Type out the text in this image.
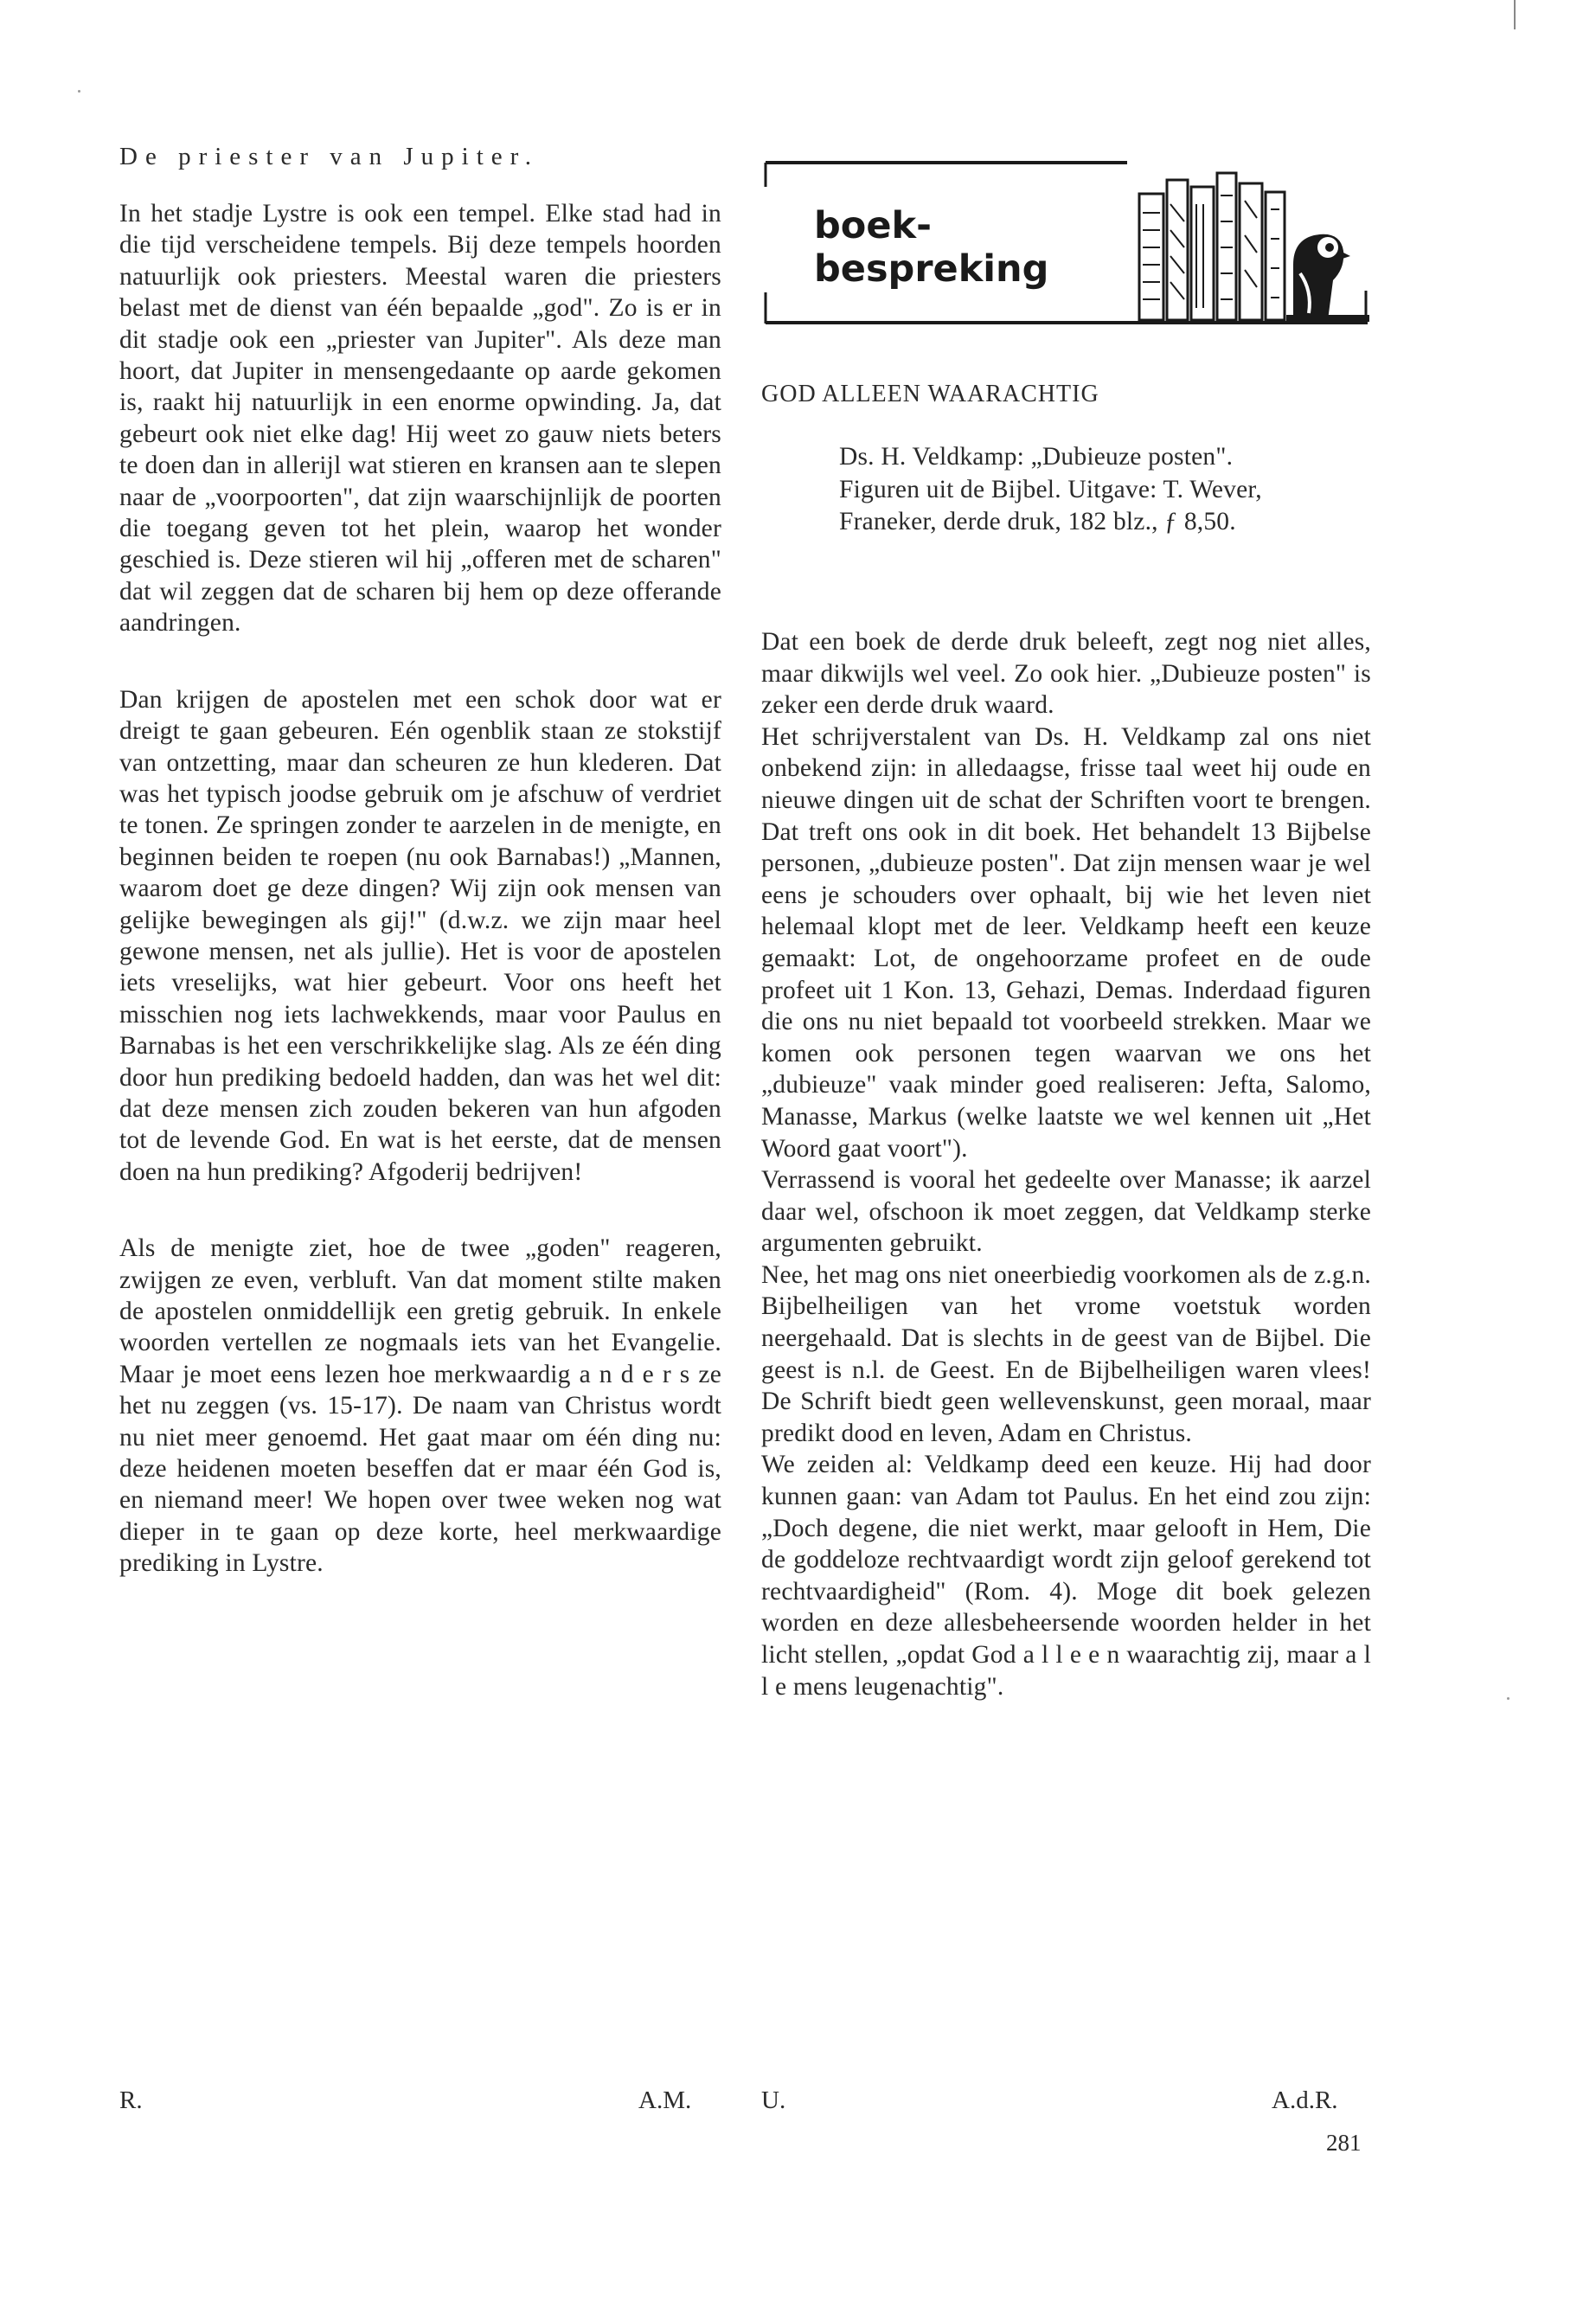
De priester van Jupiter.

In het stadje Lystre is ook een tempel. Elke stad had in die tijd verscheidene tempels. Bij deze tempels hoorden natuurlijk ook priesters. Meestal waren die priesters belast met de dienst van één bepaalde „god". Zo is er in dit stadje ook een „priester van Jupiter". Als deze man hoort, dat Jupiter in mensengedaante op aarde gekomen is, raakt hij natuurlijk in een enorme opwinding. Ja, dat gebeurt ook niet elke dag! Hij weet zo gauw niets beters te doen dan in allerijl wat stieren en kransen aan te slepen naar de „voorpoorten", dat zijn waarschijnlijk de poorten die toegang geven tot het plein, waarop het wonder geschied is. Deze stieren wil hij „offeren met de scharen" dat wil zeggen dat de scharen bij hem op deze offerande aandringen.

Dan krijgen de apostelen met een schok door wat er dreigt te gaan gebeuren. Eén ogenblik staan ze stokstijf van ontzetting, maar dan scheuren ze hun klederen. Dat was het typisch joodse gebruik om je afschuw of verdriet te tonen. Ze springen zonder te aarzelen in de menigte, en beginnen beiden te roepen (nu ook Barnabas!) „Mannen, waarom doet ge deze dingen? Wij zijn ook mensen van gelijke bewegingen als gij!" (d.w.z. we zijn maar heel gewone mensen, net als jullie). Het is voor de apostelen iets vreselijks, wat hier gebeurt. Voor ons heeft het misschien nog iets lachwekkends, maar voor Paulus en Barnabas is het een verschrikkelijke slag. Als ze één ding door hun prediking bedoeld hadden, dan was het wel dit: dat deze mensen zich zouden bekeren van hun afgoden tot de levende God. En wat is het eerste, dat de mensen doen na hun prediking? Afgoderij bedrijven!

Als de menigte ziet, hoe de twee „goden" reageren, zwijgen ze even, verbluft. Van dat moment stilte maken de apostelen onmiddellijk een gretig gebruik. In enkele woorden vertellen ze nogmaals iets van het Evangelie. Maar je moet eens lezen hoe merkwaardig a n d e r s ze het nu zeggen (vs. 15-17). De naam van Christus wordt nu niet meer genoemd. Het gaat maar om één ding nu: deze heidenen moeten beseffen dat er maar één God is, en niemand meer! We hopen over twee weken nog wat dieper in te gaan op deze korte, heel merkwaardige prediking in Lystre.

R.	A.M.

boek-
bespreking

GOD ALLEEN WAARACHTIG

Ds. H. Veldkamp: „Dubieuze posten". Figuren uit de Bijbel. Uitgave: T. Wever, Franeker, derde druk, 182 blz., ƒ 8,50.

Dat een boek de derde druk beleeft, zegt nog niet alles, maar dikwijls wel veel. Zo ook hier. „Dubieuze posten" is zeker een derde druk waard.

Het schrijverstalent van Ds. H. Veldkamp zal ons niet onbekend zijn: in alledaagse, frisse taal weet hij oude en nieuwe dingen uit de schat der Schriften voort te brengen. Dat treft ons ook in dit boek. Het behandelt 13 Bijbelse personen, „dubieuze posten". Dat zijn mensen waar je wel eens je schouders over ophaalt, bij wie het leven niet helemaal klopt met de leer. Veldkamp heeft een keuze gemaakt: Lot, de ongehoorzame profeet en de oude profeet uit 1 Kon. 13, Gehazi, Demas. Inderdaad figuren die ons nu niet bepaald tot voorbeeld strekken. Maar we komen ook personen tegen waarvan we ons het „dubieuze" vaak minder goed realiseren: Jefta, Salomo, Manasse, Markus (welke laatste we wel kennen uit „Het Woord gaat voort").

Verrassend is vooral het gedeelte over Manasse; ik aarzel daar wel, ofschoon ik moet zeggen, dat Veldkamp sterke argumenten gebruikt.

Nee, het mag ons niet oneerbiedig voorkomen als de z.g.n. Bijbelheiligen van het vrome voetstuk worden neergehaald. Dat is slechts in de geest van de Bijbel. Die geest is n.l. de Geest. En de Bijbelheiligen waren vlees! De Schrift biedt geen wellevenskunst, geen moraal, maar predikt dood en leven, Adam en Christus.

We zeiden al: Veldkamp deed een keuze. Hij had door kunnen gaan: van Adam tot Paulus. En het eind zou zijn: „Doch degene, die niet werkt, maar gelooft in Hem, Die de goddeloze rechtvaardigt wordt zijn geloof gerekend tot rechtvaardigheid" (Rom. 4). Moge dit boek gelezen worden en deze allesbeheersende woorden helder in het licht stellen, „opdat God a l l e e n waarachtig zij, maar a l l e mens leugenachtig".

U.	A.d.R.

281
